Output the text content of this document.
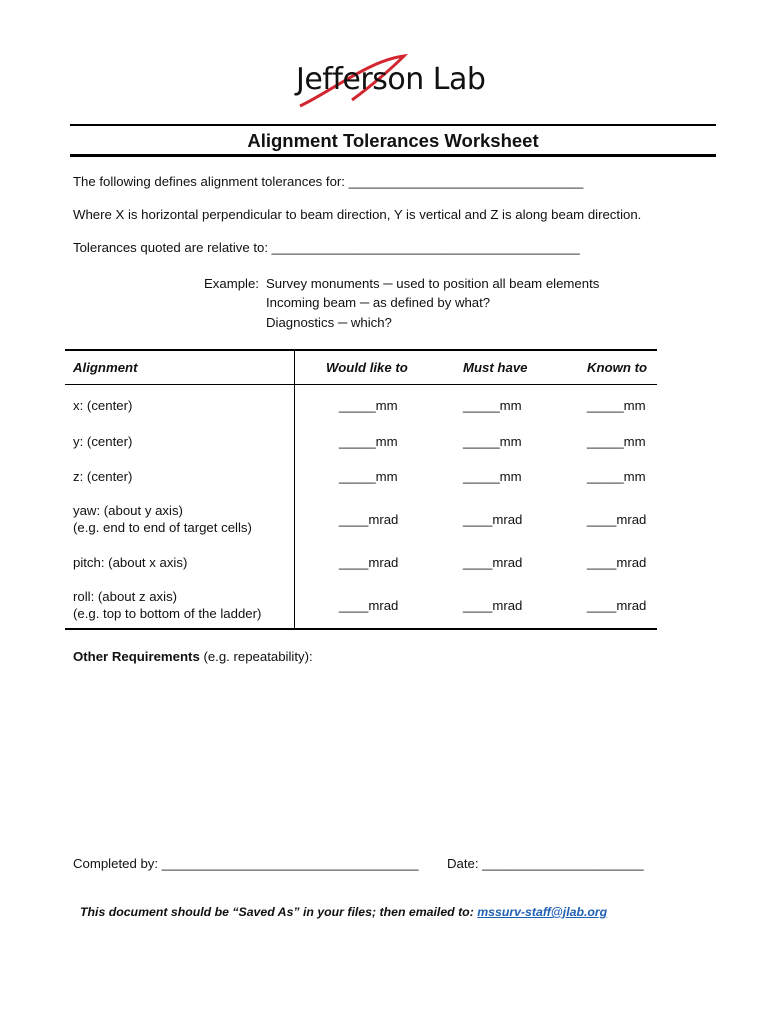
Jefferson Lab
Alignment Tolerances Worksheet
The following defines alignment tolerances for: ________________________________
Where X is horizontal perpendicular to beam direction, Y is vertical and Z is along beam direction.
Tolerances quoted are relative to: __________________________________________
Example: Survey monuments ─ used to position all beam elements
Incoming beam ─ as defined by what?
Diagnostics ─ which?
Alignment	Would like to	Must have	Known to
x: (center)	_____mm	_____mm	_____mm
y: (center)	_____mm	_____mm	_____mm
z: (center)	_____mm	_____mm	_____mm
yaw: (about y axis)
(e.g. end to end of target cells)
____mrad	____mrad	____mrad
pitch: (about x axis)	____mrad	____mrad	____mrad
roll: (about z axis)
(e.g. top to bottom of the ladder)
____mrad	____mrad	____mrad
Other Requirements (e.g. repeatability):
Completed by: ___________________________________ Date: ______________________
This document should be “Saved As” in your files; then emailed to: mssurv-staff@jlab.org
